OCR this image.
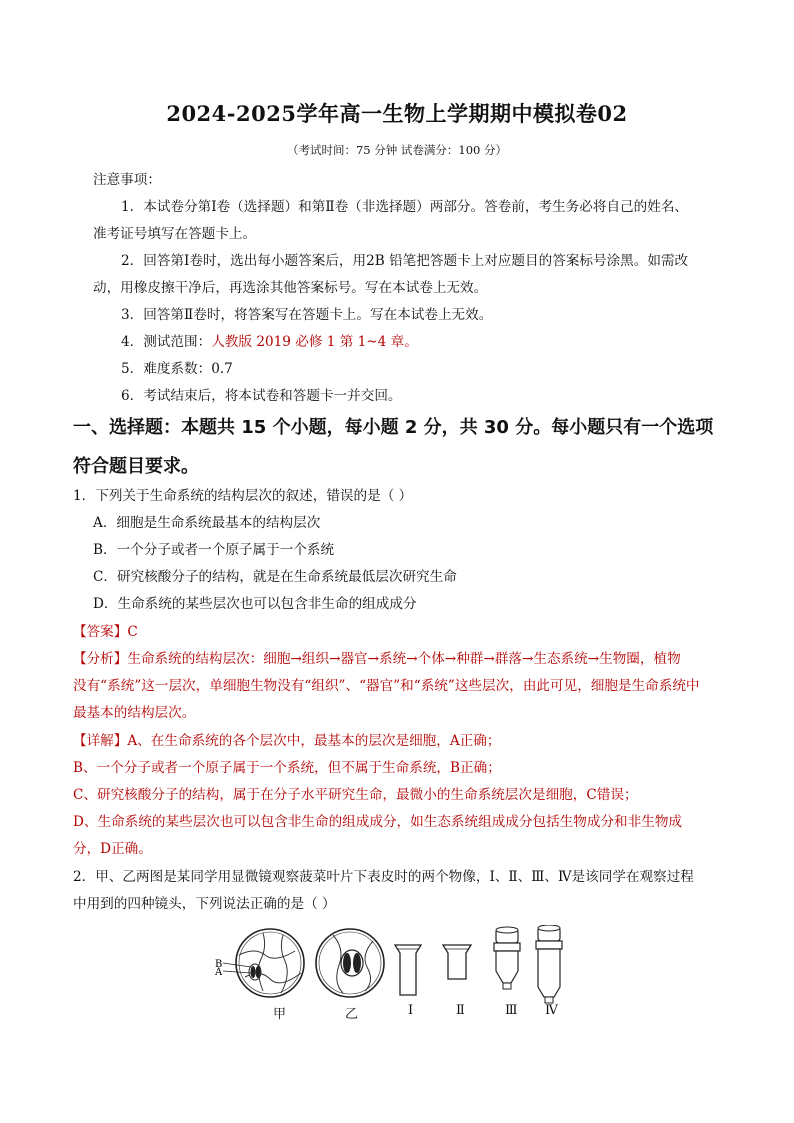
2024-2025学年高一生物上学期期中模拟卷02
（考试时间：75 分钟 试卷满分：100 分）
注意事项：
1．本试卷分第Ⅰ卷（选择题）和第Ⅱ卷（非选择题）两部分。答卷前，考生务必将自己的姓名、
准考证号填写在答题卡上。
2．回答第Ⅰ卷时，选出每小题答案后，用2B 铅笔把答题卡上对应题目的答案标号涂黑。如需改
动，用橡皮擦干净后，再选涂其他答案标号。写在本试卷上无效。
3．回答第Ⅱ卷时，将答案写在答题卡上。写在本试卷上无效。
4．测试范围：人教版 2019 必修 1 第 1~4 章。
5．难度系数：0.7
6．考试结束后，将本试卷和答题卡一并交回。
一、选择题：本题共 15 个小题，每小题 2 分，共 30 分。每小题只有一个选项
符合题目要求。
1．下列关于生命系统的结构层次的叙述，错误的是（ ）
A．细胞是生命系统最基本的结构层次
B．一个分子或者一个原子属于一个系统
C．研究核酸分子的结构，就是在生命系统最低层次研究生命
D．生命系统的某些层次也可以包含非生命的组成成分
【答案】C
【分析】生命系统的结构层次：细胞→组织→器官→系统→个体→种群→群落→生态系统→生物圈，植物
没有“系统”这一层次，单细胞生物没有“组织”、“器官”和“系统”这些层次，由此可见，细胞是生命系统中
最基本的结构层次。
【详解】A、在生命系统的各个层次中，最基本的层次是细胞，A正确；
B、一个分子或者一个原子属于一个系统，但不属于生命系统，B正确；
C、研究核酸分子的结构，属于在分子水平研究生命，最微小的生命系统层次是细胞，C错误；
D、生命系统的某些层次也可以包含非生命的组成成分，如生态系统组成成分包括生物成分和非生物成
分，D正确。
2．甲、乙两图是某同学用显微镜观察菠菜叶片下表皮时的两个物像，Ⅰ、Ⅱ、Ⅲ、Ⅳ是该同学在观察过程
中用到的四种镜头，下列说法正确的是（ ）
B
A
甲	乙	Ⅰ	Ⅱ	Ⅲ Ⅳ
